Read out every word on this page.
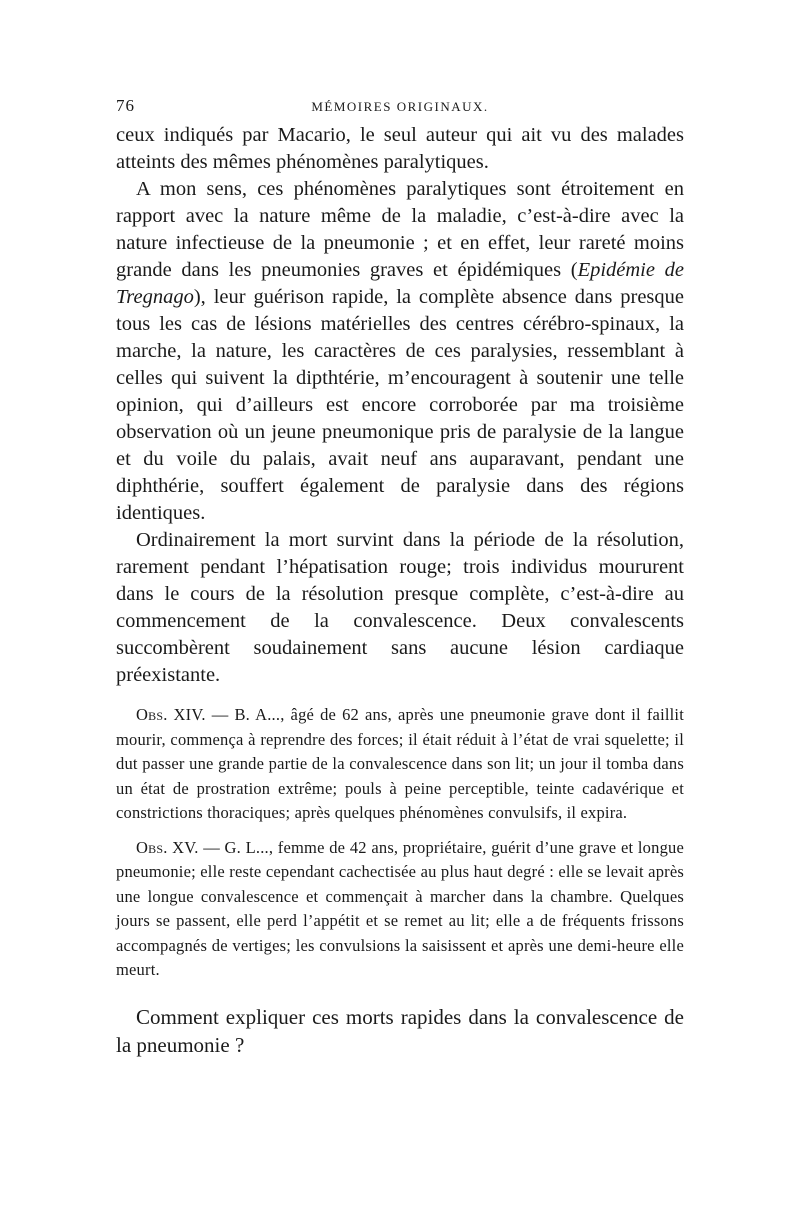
76	MÉMOIRES ORIGINAUX.

ceux indiqués par Macario, le seul auteur qui ait vu des malades atteints des mêmes phénomènes paralytiques.

A mon sens, ces phénomènes paralytiques sont étroitement en rapport avec la nature même de la maladie, c’est-à-dire avec la nature infectieuse de la pneumonie ; et en effet, leur rareté moins grande dans les pneumonies graves et épidémiques (Epidémie de Tregnago), leur guérison rapide, la complète absence dans presque tous les cas de lésions matérielles des centres cérébro-spinaux, la marche, la nature, les caractères de ces paralysies, ressemblant à celles qui suivent la dipthtérie, m’encouragent à soutenir une telle opinion, qui d’ailleurs est encore corroborée par ma troisième observation où un jeune pneumonique pris de paralysie de la langue et du voile du palais, avait neuf ans auparavant, pendant une diphthérie, souffert également de paralysie dans des régions identiques.

Ordinairement la mort survint dans la période de la résolution, rarement pendant l’hépatisation rouge; trois individus moururent dans le cours de la résolution presque complète, c’est-à-dire au commencement de la convalescence. Deux convalescents succombèrent soudainement sans aucune lésion cardiaque préexistante.

Obs. XIV. — B. A..., âgé de 62 ans, après une pneumonie grave dont il faillit mourir, commença à reprendre des forces; il était réduit à l’état de vrai squelette; il dut passer une grande partie de la convalescence dans son lit; un jour il tomba dans un état de prostration extrême; pouls à peine perceptible, teinte cadavérique et constrictions thoraciques; après quelques phénomènes convulsifs, il expira.

Obs. XV. — G. L..., femme de 42 ans, propriétaire, guérit d’une grave et longue pneumonie; elle reste cependant cachectisée au plus haut degré : elle se levait après une longue convalescence et commençait à marcher dans la chambre. Quelques jours se passent, elle perd l’appétit et se remet au lit; elle a de fréquents frissons accompagnés de vertiges; les convulsions la saisissent et après une demi-heure elle meurt.

Comment expliquer ces morts rapides dans la convalescence de la pneumonie ?
